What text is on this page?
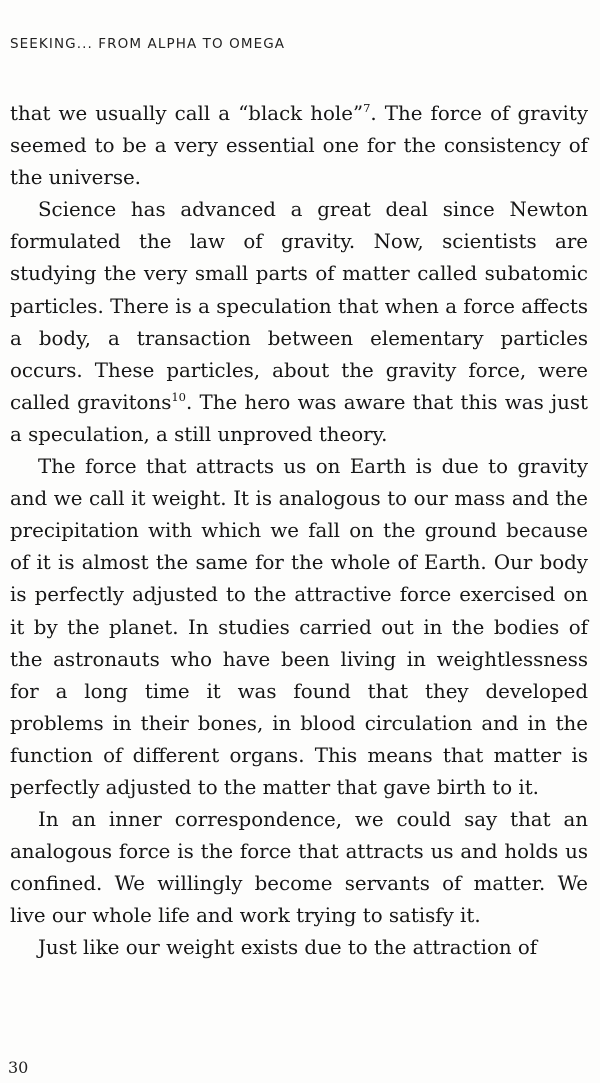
SEEKING... FROM ALPHA TO OMEGA

that we usually call a “black hole”$^7$. The force of gravity seemed to be a very essential one for the consistency of the universe.

Science has advanced a great deal since Newton formulated the law of gravity. Now, scientists are studying the very small parts of matter called subatomic particles. There is a speculation that when a force affects a body, a transaction between elementary particles occurs. These particles, about the gravity force, were called gravitons$^{10}$. The hero was aware that this was just a speculation, a still unproved theory.

The force that attracts us on Earth is due to gravity and we call it weight. It is analogous to our mass and the precipitation with which we fall on the ground because of it is almost the same for the whole of Earth. Our body is perfectly adjusted to the attractive force exercised on it by the planet. In studies carried out in the bodies of the astronauts who have been living in weightlessness for a long time it was found that they developed problems in their bones, in blood circulation and in the function of different organs. This means that matter is perfectly adjusted to the matter that gave birth to it.

In an inner correspondence, we could say that an analogous force is the force that attracts us and holds us confined. We willingly become servants of matter. We live our whole life and work trying to satisfy it.

Just like our weight exists due to the attraction of

30
